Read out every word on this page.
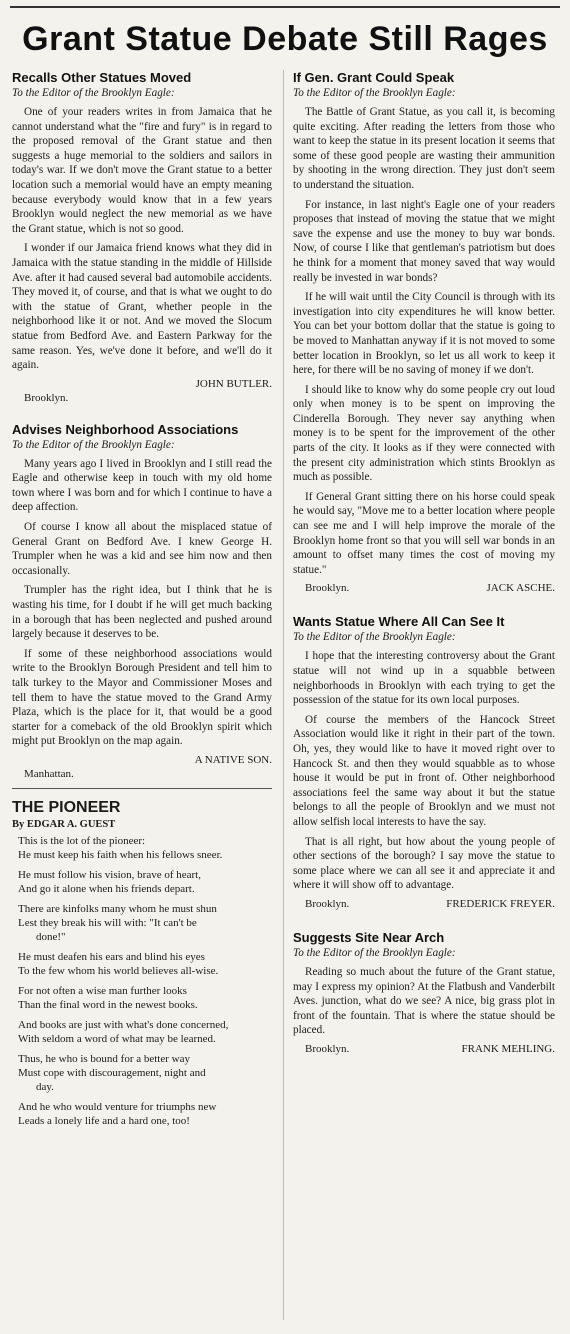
Grant Statue Debate Still Rages
Recalls Other Statues Moved
To the Editor of the Brooklyn Eagle:

One of your readers writes in from Jamaica that he cannot understand what the "fire and fury" is in regard to the proposed removal of the Grant statue and then suggests a huge memorial to the soldiers and sailors in today's war. If we don't move the Grant statue to a better location such a memorial would have an empty meaning because everybody would know that in a few years Brooklyn would neglect the new memorial as we have the Grant statue, which is not so good.

I wonder if our Jamaica friend knows what they did in Jamaica with the statue standing in the middle of Hillside Ave. after it had caused several bad automobile accidents. They moved it, of course, and that is what we ought to do with the statue of Grant, whether people in the neighborhood like it or not. And we moved the Slocum statue from Bedford Ave. and Eastern Parkway for the same reason. Yes, we've done it before, and we'll do it again.

JOHN BUTLER.
Brooklyn.
Advises Neighborhood Associations
To the Editor of the Brooklyn Eagle:

Many years ago I lived in Brooklyn and I still read the Eagle and otherwise keep in touch with my old home town where I was born and for which I continue to have a deep affection.

Of course I know all about the misplaced statue of General Grant on Bedford Ave. I knew George H. Trumpler when he was a kid and see him now and then occasionally.

Trumpler has the right idea, but I think that he is wasting his time, for I doubt if he will get much backing in a borough that has been neglected and pushed around largely because it deserves to be.

If some of these neighborhood associations would write to the Brooklyn Borough President and tell him to talk turkey to the Mayor and Commissioner Moses and tell them to have the statue moved to the Grand Army Plaza, which is the place for it, that would be a good starter for a comeback of the old Brooklyn spirit which might put Brooklyn on the map again.

A NATIVE SON.
Manhattan.
THE PIONEER
By EDGAR A. GUEST
This is the lot of the pioneer:
He must keep his faith when his fellows sneer.
He must follow his vision, brave of heart,
And go it alone when his friends depart.
There are kinfolks many whom he must shun
Lest they break his will with: "It can't be
done!"
He must deafen his ears and blind his eyes
To the few whom his world believes all-wise.
For not often a wise man further looks
Than the final word in the newest books.
And books are just with what's done concerned,
With seldom a word of what may be learned.
Thus, he who is bound for a better way
Must cope with discouragement, night and
day.
And he who would venture for triumphs new
Leads a lonely life and a hard one, too!
If Gen. Grant Could Speak
To the Editor of the Brooklyn Eagle:

The Battle of Grant Statue, as you call it, is becoming quite exciting. After reading the letters from those who want to keep the statue in its present location it seems that some of these good people are wasting their ammunition by shooting in the wrong direction. They just don't seem to understand the situation.

For instance, in last night's Eagle one of your readers proposes that instead of moving the statue that we might save the expense and use the money to buy war bonds. Now, of course I like that gentleman's patriotism but does he think for a moment that money saved that way would really be invested in war bonds?

If he will wait until the City Council is through with its investigation into city expenditures he will know better. You can bet your bottom dollar that the statue is going to be moved to Manhattan anyway if it is not moved to some better location in Brooklyn, so let us all work to keep it here, for there will be no saving of money if we don't.

I should like to know why do some people cry out loud only when money is to be spent on improving the Cinderella Borough. They never say anything when money is to be spent for the improvement of the other parts of the city. It looks as if they were connected with the present city administration which stints Brooklyn as much as possible.

If General Grant sitting there on his horse could speak he would say, "Move me to a better location where people can see me and I will help improve the morale of the Brooklyn home front so that you will sell war bonds in an amount to offset many times the cost of moving my statue."

Brooklyn.	JACK ASCHE.
Wants Statue Where All Can See It
To the Editor of the Brooklyn Eagle:

I hope that the interesting controversy about the Grant statue will not wind up in a squabble between neighborhoods in Brooklyn with each trying to get the possession of the statue for its own local purposes.

Of course the members of the Hancock Street Association would like it right in their part of the town. Oh, yes, they would like to have it moved right over to Hancock St. and then they would squabble as to whose house it would be put in front of. Other neighborhood associations feel the same way about it but the statue belongs to all the people of Brooklyn and we must not allow selfish local interests to have the say.

That is all right, but how about the young people of other sections of the borough? I say move the statue to some place where we can all see it and appreciate it and where it will show off to advantage.

Brooklyn.	FREDERICK FREYER.
Suggests Site Near Arch
To the Editor of the Brooklyn Eagle:

Reading so much about the future of the Grant statue, may I express my opinion? At the Flatbush and Vanderbilt Aves. junction, what do we see? A nice, big grass plot in front of the fountain. That is where the statue should be placed.

Brooklyn.	FRANK MEHLING.
